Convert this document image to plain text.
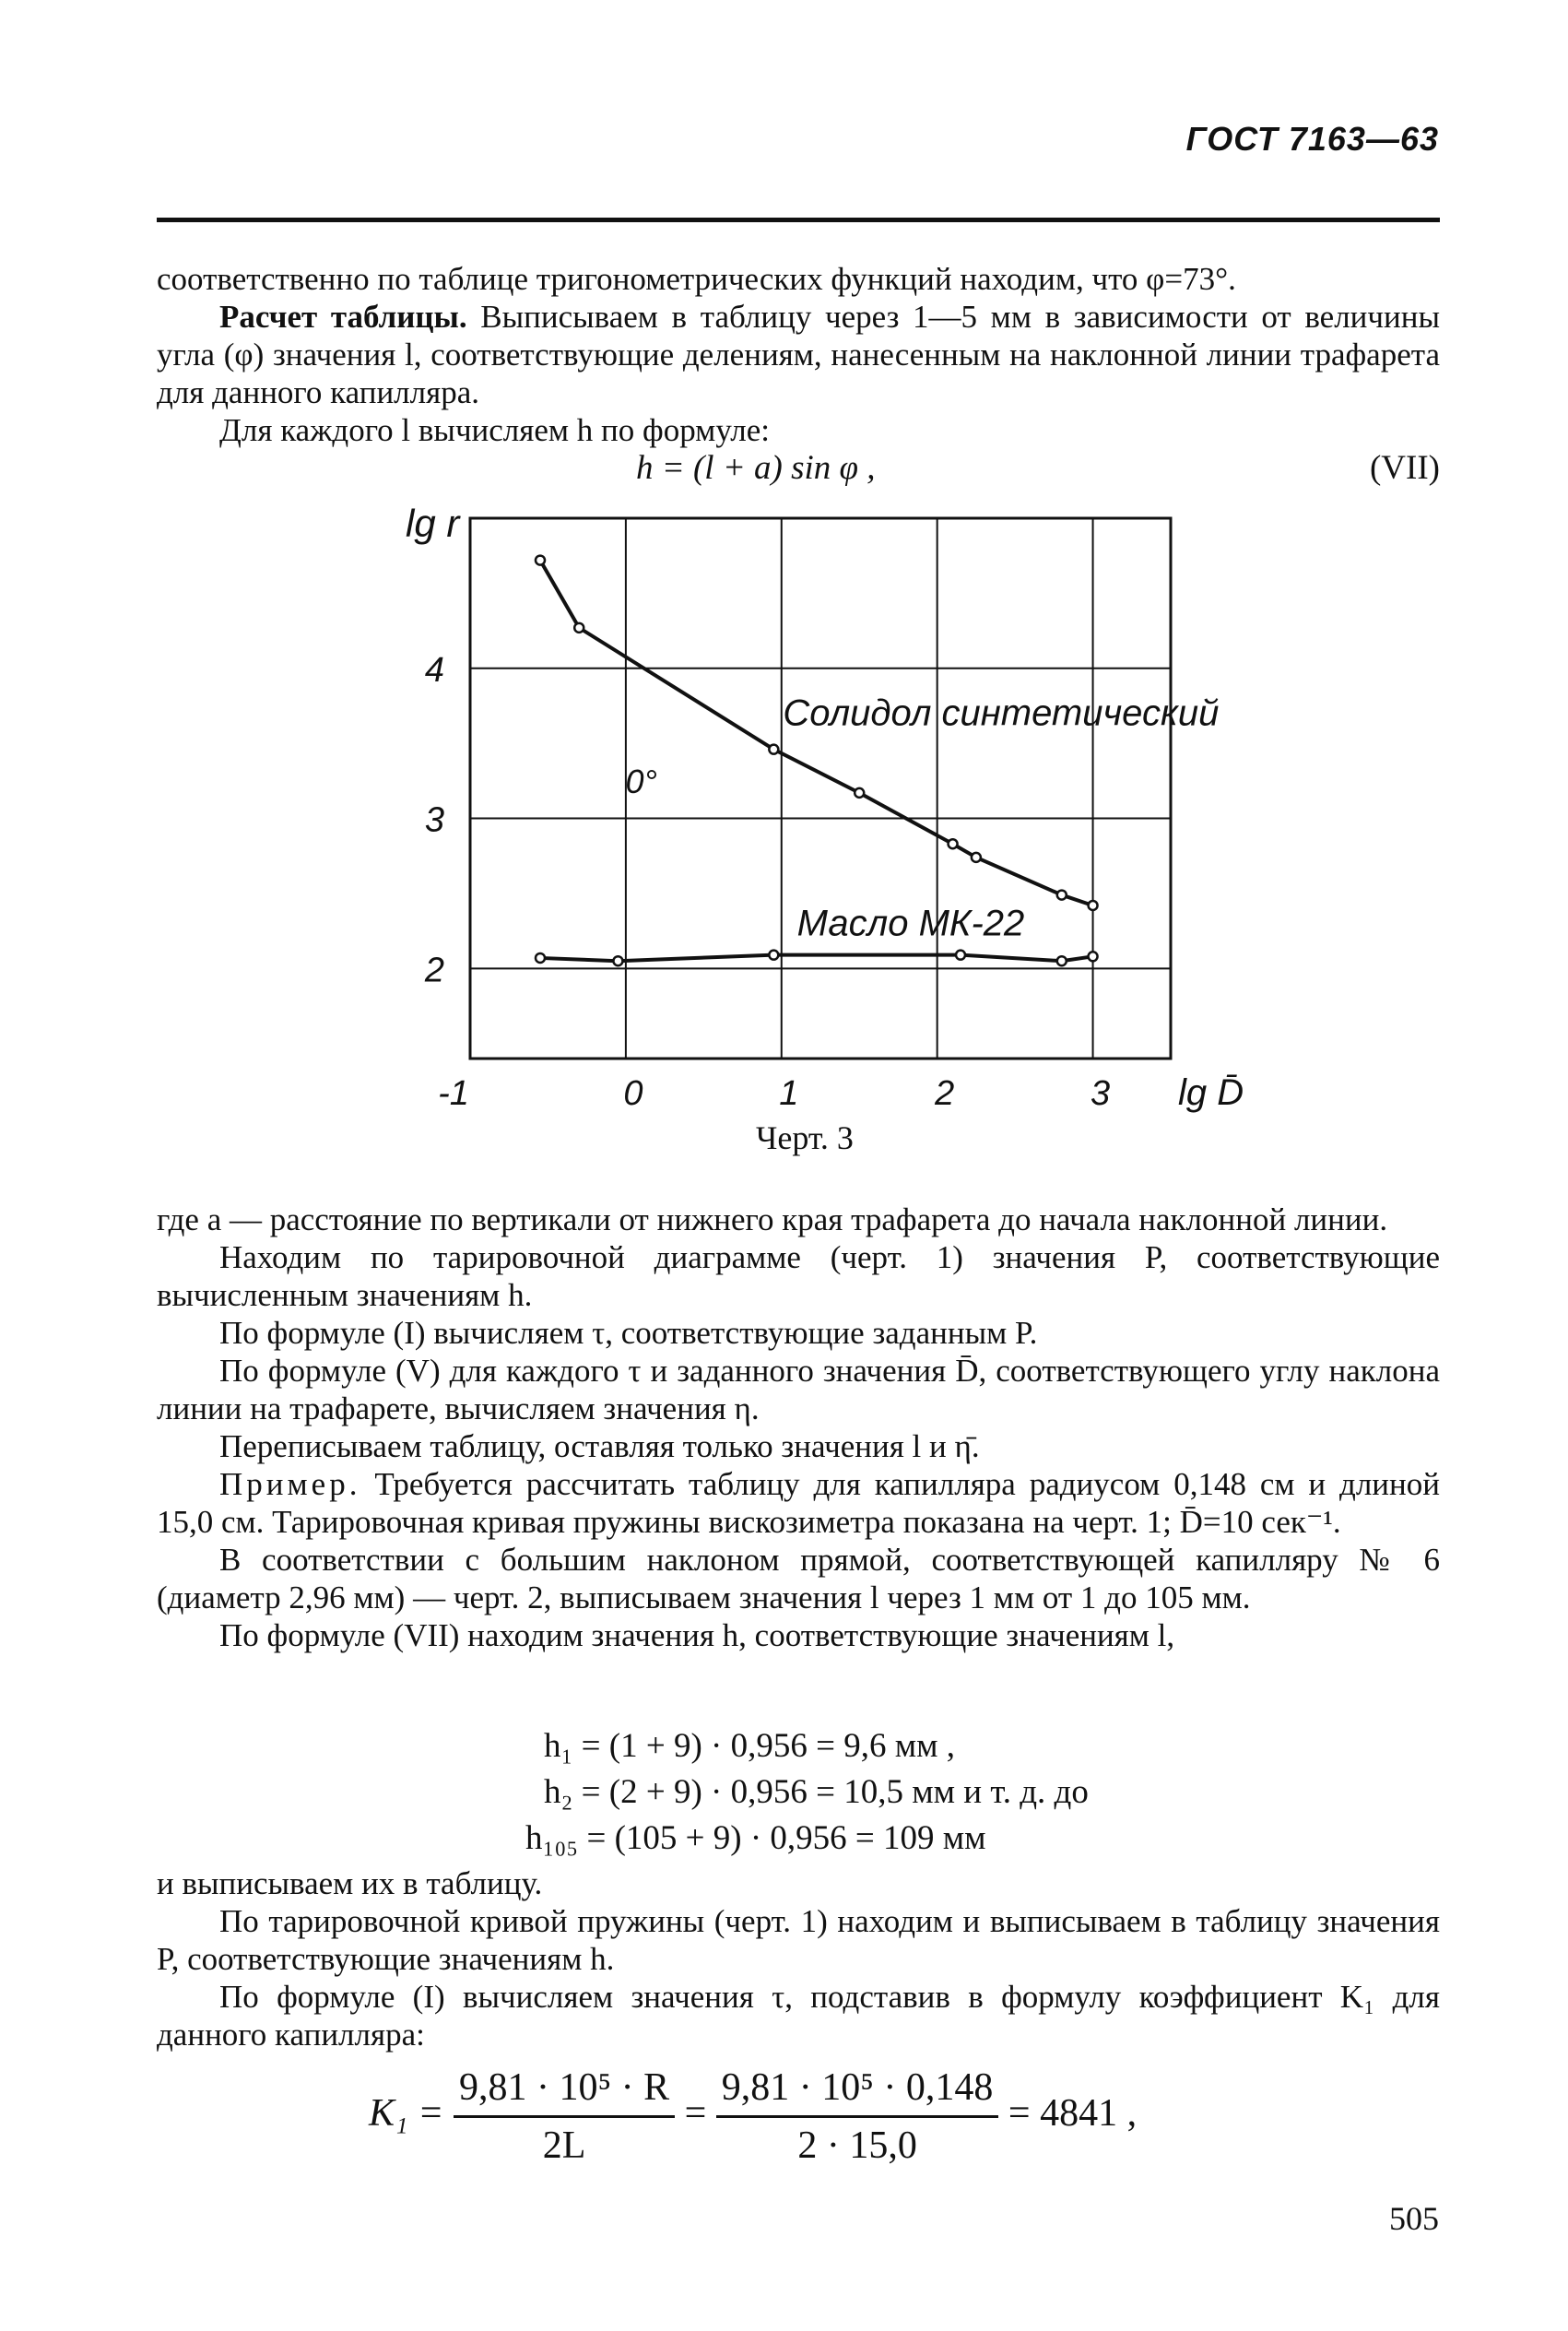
ГОСТ 7163—63

соответственно по таблице тригонометрических функций находим, что φ=73°.

Расчет таблицы. Выписываем в таблицу через 1—5 мм в зависимости от величины угла (φ) значения l, соответствующие делениям, нанесенным на наклонной линии трафарета для данного капилляра.

Для каждого l вычисляем h по формуле:

h = (l + a) sin φ ,	(VII)
-1	0	1	2	3
2
3
4
lg r
lg D̄
Солидол синтетический
Масло МК-22
0°
Черт. 3

где a — расстояние по вертикали от нижнего края трафарета до начала наклонной линии.

Находим по тарировочной диаграмме (черт. 1) значения P, соответствующие вычисленным значениям h.

По формуле (I) вычисляем τ, соответствующие заданным P.

По формуле (V) для каждого τ и заданного значения D̄, соответствующего углу наклона линии на трафарете, вычисляем значения η.

Переписываем таблицу, оставляя только значения l и η̄.

Пример. Требуется рассчитать таблицу для капилляра радиусом 0,148 см и длиной 15,0 см. Тарировочная кривая пружины вискозиметра показана на черт. 1; D̄=10 сек⁻¹.

В соответствии с большим наклоном прямой, соответствующей капилляру № 6 (диаметр 2,96 мм) — черт. 2, выписываем значения l через 1 мм от 1 до 105 мм.

По формуле (VII) находим значения h, соответствующие значениям l,

h₁ = (1 + 9) · 0,956 = 9,6 мм ,
h₂ = (2 + 9) · 0,956 = 10,5 мм и т. д. до
h₁₀₅ = (105 + 9) · 0,956 = 109 мм

и выписываем их в таблицу.

По тарировочной кривой пружины (черт. 1) находим и выписываем в таблицу значения P, соответствующие значениям h.

По формуле (I) вычисляем значения τ, подставив в формулу коэффициент K₁ для данного капилляра:

$K_1 = \frac{\text{9,81 · 10⁵ · R}}{2L} = \frac{\text{9,81 · 10⁵ · 0,148}}{2 \cdot 15,0} = 4841$ ,
505
